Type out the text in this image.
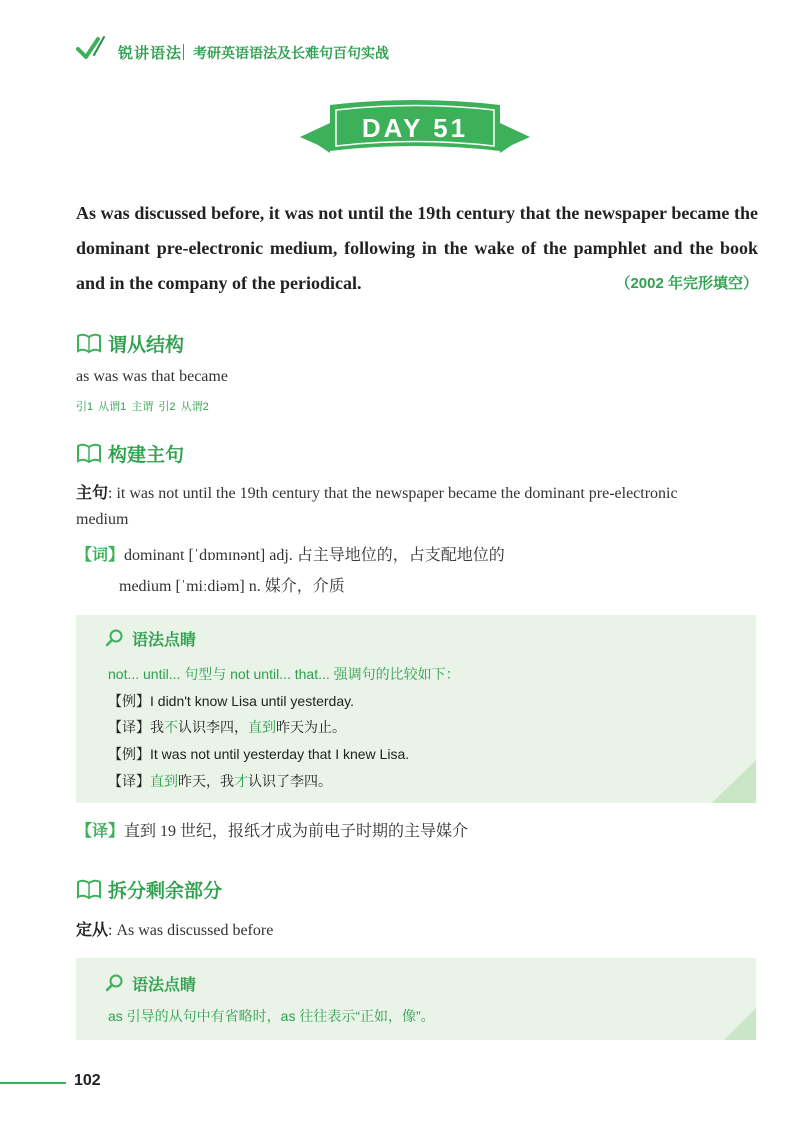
锐讲语法 考研英语语法及长难句百句实战
DAY 51
As was discussed before, it was not until the 19th century that the newspaper became the dominant pre-electronic medium, following in the wake of the pamphlet and the book and in the company of the periodical.	（2002 年完形填空）
谓从结构
as was was that became
引1 从谓1 主谓 引2 从谓2
构建主句
主句: it was not until the 19th century that the newspaper became the dominant pre-electronic
medium
【词】dominant [ˈdɒmɪnənt] adj. 占主导地位的，占支配地位的
medium [ˈmiːdiəm] n. 媒介，介质
语法点睛
not... until... 句型与 not until... that... 强调句的比较如下：
【例】I didn't know Lisa until yesterday.
【译】我不认识李四，直到昨天为止。
【例】It was not until yesterday that I knew Lisa.
【译】直到昨天，我才认识了李四。
【译】直到 19 世纪，报纸才成为前电子时期的主导媒介
拆分剩余部分
定从: As was discussed before
语法点睛
as 引导的从句中有省略时，as 往往表示“正如，像”。
102
